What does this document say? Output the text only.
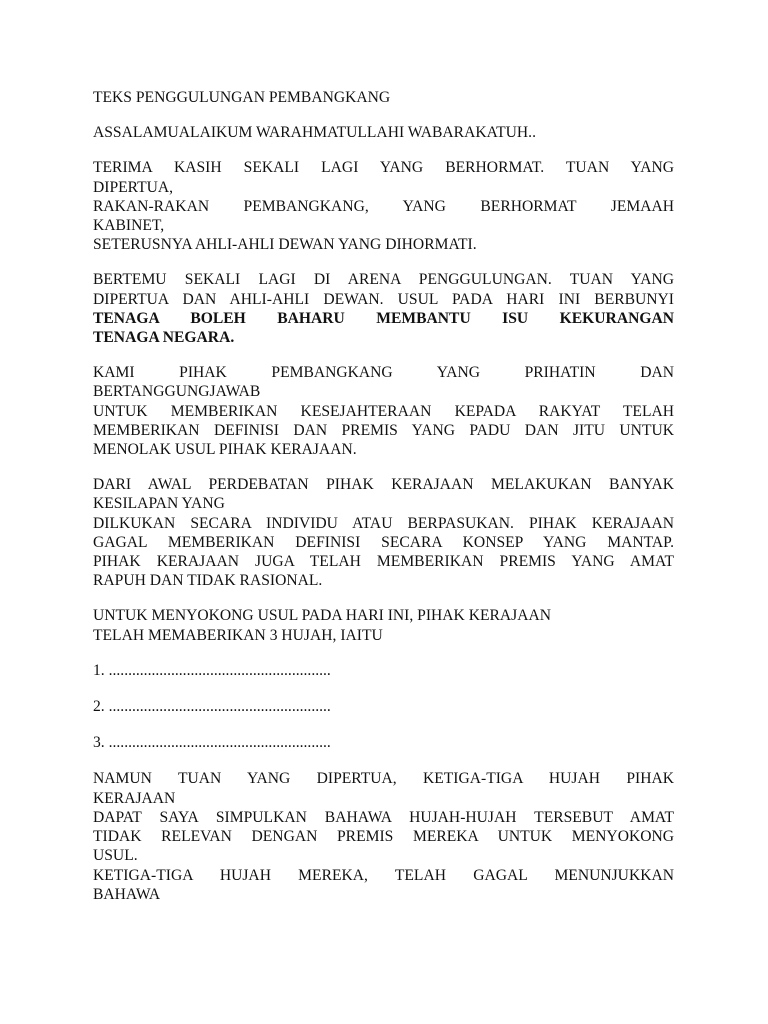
TEKS PENGGULUNGAN PEMBANGKANG
ASSALAMUALAIKUM WARAHMATULLAHI WABARAKATUH..
TERIMA KASIH SEKALI LAGI YANG BERHORMAT. TUAN YANG
DIPERTUA,
RAKAN-RAKAN PEMBANGKANG, YANG BERHORMAT JEMAAH
KABINET,
SETERUSNYA AHLI-AHLI DEWAN YANG DIHORMATI.
BERTEMU SEKALI LAGI DI ARENA PENGGULUNGAN. TUAN YANG
DIPERTUA DAN AHLI-AHLI DEWAN. USUL PADA HARI INI BERBUNYI
TENAGA BOLEH BAHARU MEMBANTU ISU KEKURANGAN
TENAGA NEGARA.
KAMI PIHAK PEMBANGKANG YANG PRIHATIN DAN
BERTANGGUNGJAWAB
UNTUK MEMBERIKAN KESEJAHTERAAN KEPADA RAKYAT TELAH
MEMBERIKAN DEFINISI DAN PREMIS YANG PADU DAN JITU UNTUK
MENOLAK USUL PIHAK KERAJAAN.
DARI AWAL PERDEBATAN PIHAK KERAJAAN MELAKUKAN BANYAK
KESILAPAN YANG
DILKUKAN SECARA INDIVIDU ATAU BERPASUKAN. PIHAK KERAJAAN
GAGAL MEMBERIKAN DEFINISI SECARA KONSEP YANG MANTAP.
PIHAK KERAJAAN JUGA TELAH MEMBERIKAN PREMIS YANG AMAT
RAPUH DAN TIDAK RASIONAL.
UNTUK MENYOKONG USUL PADA HARI INI, PIHAK KERAJAAN
TELAH MEMABERIKAN 3 HUJAH, IAITU
1. .........................................................
2. .........................................................
3. .........................................................
NAMUN TUAN YANG DIPERTUA, KETIGA-TIGA HUJAH PIHAK
KERAJAAN
DAPAT SAYA SIMPULKAN BAHAWA HUJAH-HUJAH TERSEBUT AMAT
TIDAK RELEVAN DENGAN PREMIS MEREKA UNTUK MENYOKONG
USUL.
KETIGA-TIGA HUJAH MEREKA, TELAH GAGAL MENUNJUKKAN
BAHAWA
